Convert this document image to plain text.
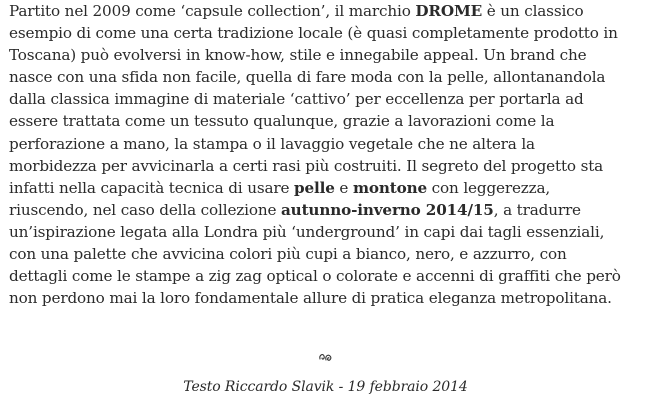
Partito nel 2009 come ‘capsule collection’, il marchio DROME è un classico
esempio di come una certa tradizione locale (è quasi completamente prodotto in
Toscana) può evolversi in know-how, stile e innegabile appeal. Un brand che
nasce con una sfida non facile, quella di fare moda con la pelle, allontanandola
dalla classica immagine di materiale ‘cattivo’ per eccellenza per portarla ad
essere trattata come un tessuto qualunque, grazie a lavorazioni come la
perforazione a mano, la stampa o il lavaggio vegetale che ne altera la
morbidezza per avvicinarla a certi rasi più costruiti. Il segreto del progetto sta
infatti nella capacità tecnica di usare pelle e montone con leggerezza,
riuscendo, nel caso della collezione autunno-inverno 2014/15, a tradurre
un’ispirazione legata alla Londra più ‘underground’ in capi dai tagli essenziali,
con una palette che avvicina colori più cupi a bianco, nero, e azzurro, con
dettagli come le stampe a zig zag optical o colorate e accenni di graffiti che però
non perdono mai la loro fondamentale allure di pratica eleganza metropolitana.
Testo Riccardo Slavik - 19 febbraio 2014
